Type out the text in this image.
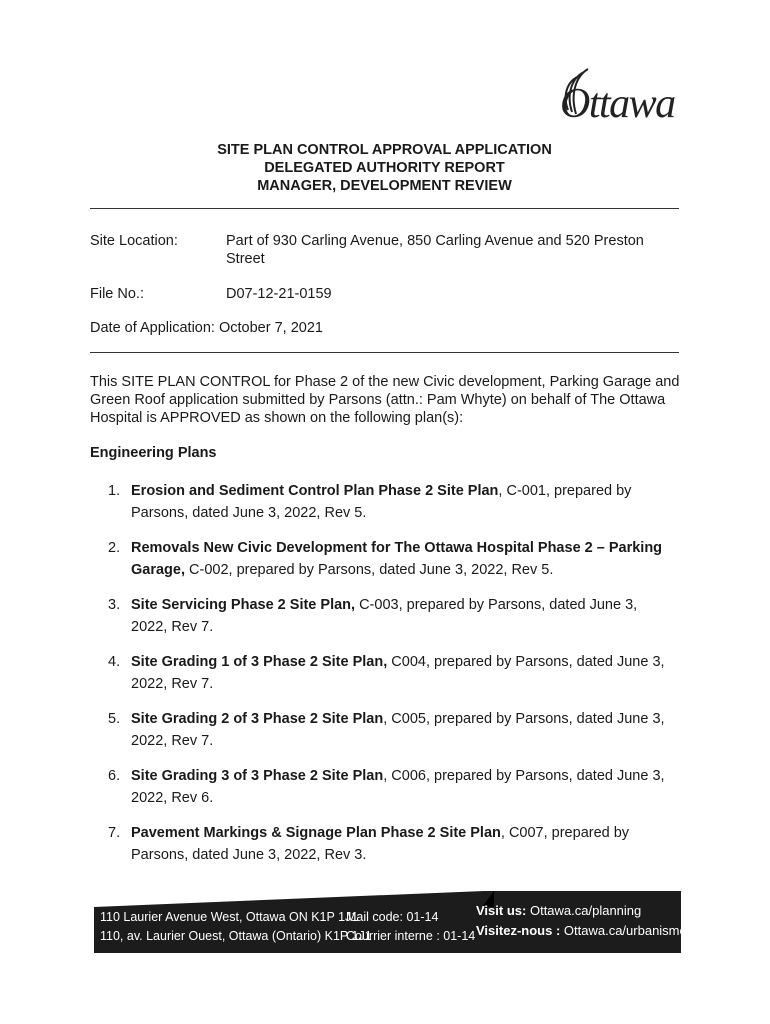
Ottawa
SITE PLAN CONTROL APPROVAL APPLICATION
DELEGATED AUTHORITY REPORT
MANAGER, DEVELOPMENT REVIEW
Site Location:	Part of 930 Carling Avenue, 850 Carling Avenue and 520 Preston Street
File No.:	D07-12-21-0159
Date of Application: October 7, 2021
This SITE PLAN CONTROL for Phase 2 of the new Civic development, Parking Garage and Green Roof application submitted by Parsons (attn.: Pam Whyte) on behalf of The Ottawa Hospital is APPROVED as shown on the following plan(s):
Engineering Plans
1. Erosion and Sediment Control Plan Phase 2 Site Plan, C-001, prepared by Parsons, dated June 3, 2022, Rev 5.
2. Removals New Civic Development for The Ottawa Hospital Phase 2 – Parking Garage, C-002, prepared by Parsons, dated June 3, 2022, Rev 5.
3. Site Servicing Phase 2 Site Plan, C-003, prepared by Parsons, dated June 3, 2022, Rev 7.
4. Site Grading 1 of 3 Phase 2 Site Plan, C004, prepared by Parsons, dated June 3, 2022, Rev 7.
5. Site Grading 2 of 3 Phase 2 Site Plan, C005, prepared by Parsons, dated June 3, 2022, Rev 7.
6. Site Grading 3 of 3 Phase 2 Site Plan, C006, prepared by Parsons, dated June 3, 2022, Rev 6.
7. Pavement Markings & Signage Plan Phase 2 Site Plan, C007, prepared by Parsons, dated June 3, 2022, Rev 3.
110 Laurier Avenue West, Ottawa ON K1P 1J1
110, av. Laurier Ouest, Ottawa (Ontario) K1P 1J1
Mail code: 01-14
Courrier interne : 01-14
Visit us: Ottawa.ca/planning
Visitez-nous : Ottawa.ca/urbanisme
